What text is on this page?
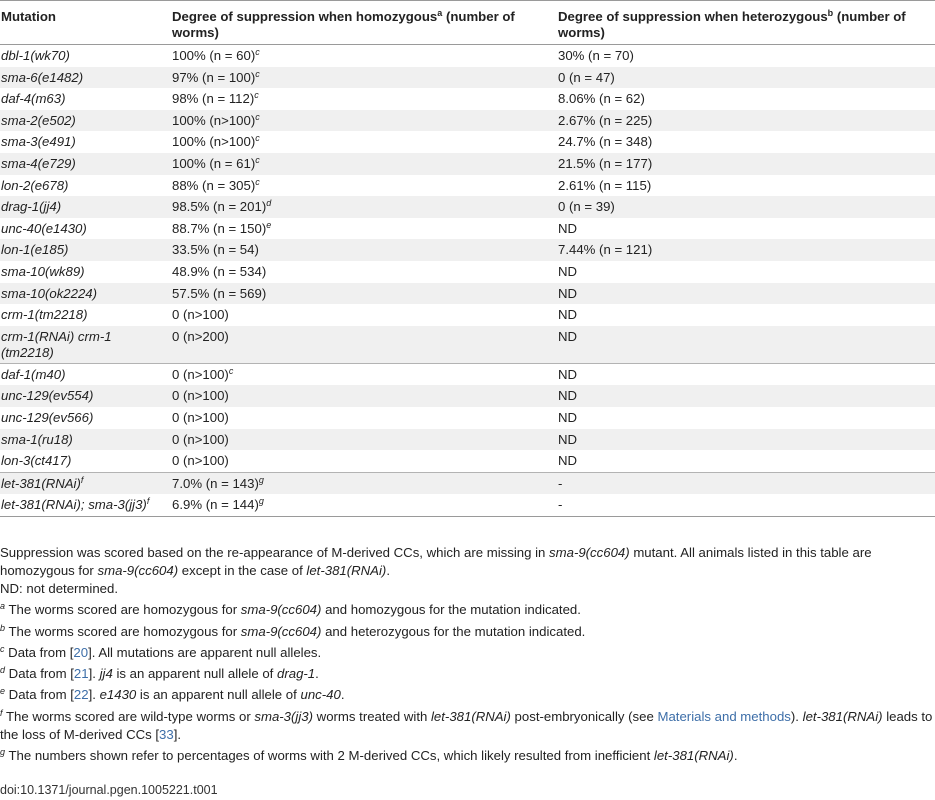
Mutation	Degree of suppression when homozygous$^a$ (number of worms)	Degree of suppression when heterozygous$^b$ (number of worms)
dbl-1(wk70)	100% (n = 60)$^c$	30% (n = 70)
sma-6(e1482)	97% (n = 100)$^c$	0 (n = 47)
daf-4(m63)	98% (n = 112)$^c$	8.06% (n = 62)
sma-2(e502)	100% (n>100)$^c$	2.67% (n = 225)
sma-3(e491)	100% (n>100)$^c$	24.7% (n = 348)
sma-4(e729)	100% (n = 61)$^c$	21.5% (n = 177)
lon-2(e678)	88% (n = 305)$^c$	2.61% (n = 115)
drag-1(jj4)	98.5% (n = 201)$^d$	0 (n = 39)
unc-40(e1430)	88.7% (n = 150)$^e$	ND
lon-1(e185)	33.5% (n = 54)	7.44% (n = 121)
sma-10(wk89)	48.9% (n = 534)	ND
sma-10(ok2224)	57.5% (n = 569)	ND
crm-1(tm2218)	0 (n>100)	ND
crm-1(RNAi) crm-1 (tm2218)	0 (n>200)	ND
daf-1(m40)	0 (n>100)$^c$	ND
unc-129(ev554)	0 (n>100)	ND
unc-129(ev566)	0 (n>100)	ND
sma-1(ru18)	0 (n>100)	ND
lon-3(ct417)	0 (n>100)	ND
let-381(RNAi)$^f$	7.0% (n = 143)$^g$	-
let-381(RNAi); sma-$3(jj3)^f$	6.9% (n = 144)$^g$	-

Suppression was scored based on the re-appearance of M-derived CCs, which are missing in sma-9(cc604) mutant. All animals listed in this table are homozygous for sma-9(cc604) except in the case of let-381(RNAi).

ND: not determined.

$^a$ The worms scored are homozygous for sma-9(cc604) and homozygous for the mutation indicated.

$^b$ The worms scored are homozygous for sma-9(cc604) and heterozygous for the mutation indicated.

$^c$ Data from [20]. All mutations are apparent null alleles.

$^d$ Data from [21]. jj4 is an apparent null allele of drag-1.

$^e$ Data from [22]. e1430 is an apparent null allele of unc-40.

$^f$ The worms scored are wild-type worms or sma-3(jj3) worms treated with let-381(RNAi) post-embryonically (see Materials and methods). let-381(RNAi) leads to the loss of M-derived CCs [33].

$^g$ The numbers shown refer to percentages of worms with 2 M-derived CCs, which likely resulted from inefficient let-381(RNAi).

doi:10.1371/journal.pgen.1005221.t001
